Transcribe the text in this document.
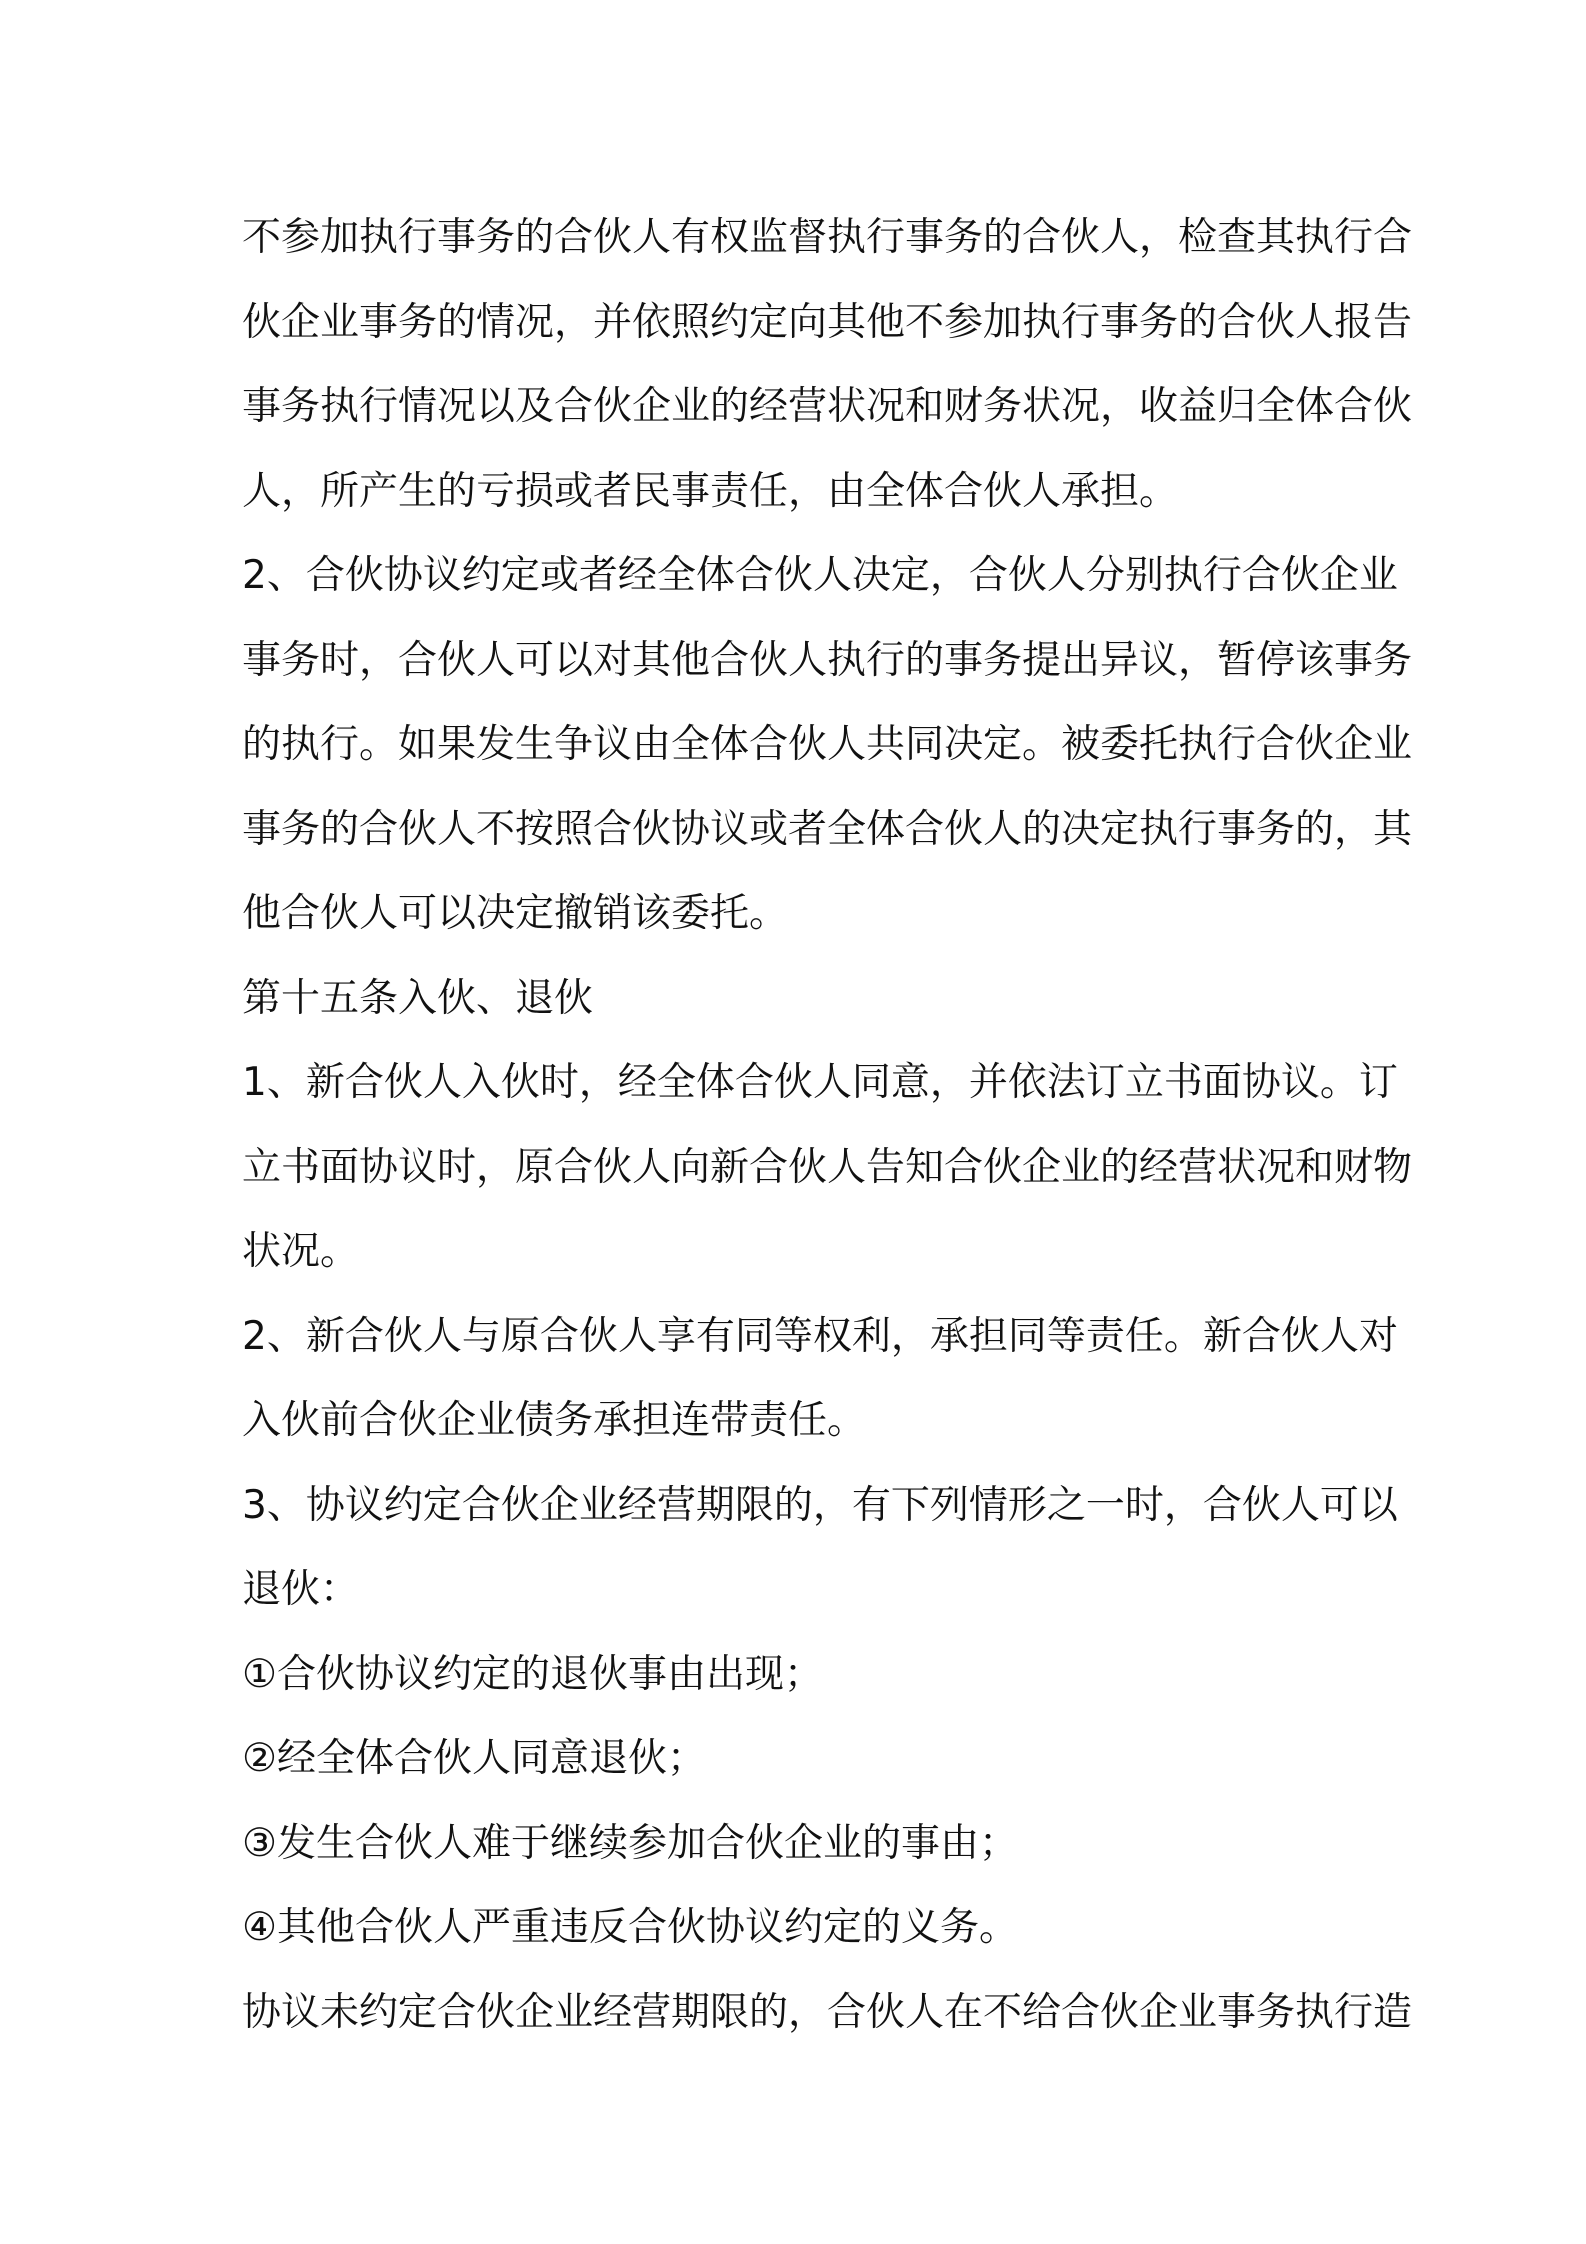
不参加执行事务的合伙人有权监督执行事务的合伙人，检查其执行合
伙企业事务的情况，并依照约定向其他不参加执行事务的合伙人报告
事务执行情况以及合伙企业的经营状况和财务状况，收益归全体合伙
人，所产生的亏损或者民事责任，由全体合伙人承担。
2、合伙协议约定或者经全体合伙人决定，合伙人分别执行合伙企业
事务时，合伙人可以对其他合伙人执行的事务提出异议，暂停该事务
的执行。如果发生争议由全体合伙人共同决定。被委托执行合伙企业
事务的合伙人不按照合伙协议或者全体合伙人的决定执行事务的，其
他合伙人可以决定撤销该委托。
第十五条入伙、退伙
1、新合伙人入伙时，经全体合伙人同意，并依法订立书面协议。订
立书面协议时，原合伙人向新合伙人告知合伙企业的经营状况和财物
状况。
2、新合伙人与原合伙人享有同等权利，承担同等责任。新合伙人对
入伙前合伙企业债务承担连带责任。
3、协议约定合伙企业经营期限的，有下列情形之一时，合伙人可以
退伙：
①合伙协议约定的退伙事由出现；
②经全体合伙人同意退伙；
③发生合伙人难于继续参加合伙企业的事由；
④其他合伙人严重违反合伙协议约定的义务。
协议未约定合伙企业经营期限的，合伙人在不给合伙企业事务执行造
